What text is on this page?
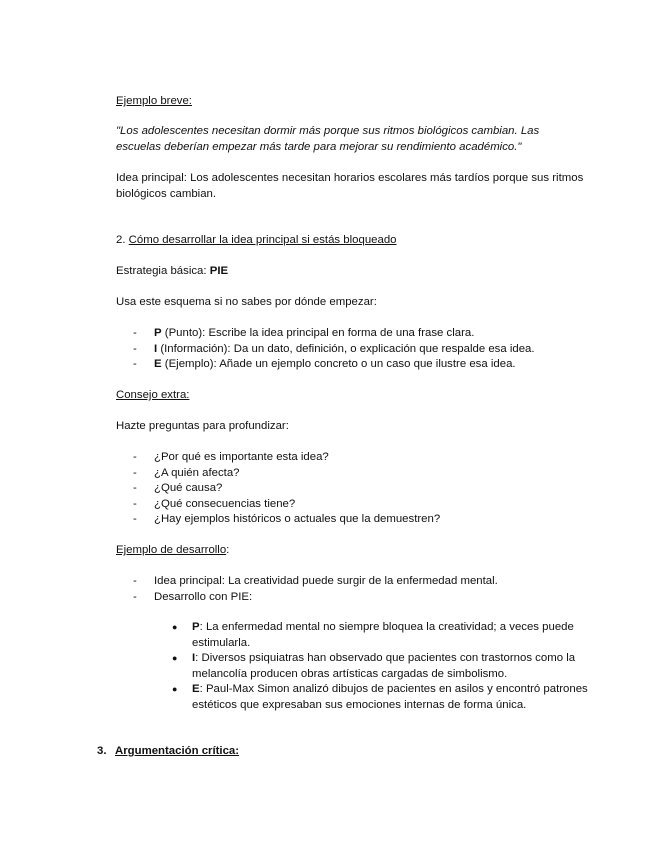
Ejemplo breve:

"Los adolescentes necesitan dormir más porque sus ritmos biológicos cambian. Las escuelas deberían empezar más tarde para mejorar su rendimiento académico."

Idea principal: Los adolescentes necesitan horarios escolares más tardíos porque sus ritmos biológicos cambian.

2. Cómo desarrollar la idea principal si estás bloqueado

Estrategia básica: PIE

Usa este esquema si no sabes por dónde empezar:

- P (Punto): Escribe la idea principal en forma de una frase clara.
- I (Información): Da un dato, definición, o explicación que respalde esa idea.
- E (Ejemplo): Añade un ejemplo concreto o un caso que ilustre esa idea.

Consejo extra:

Hazte preguntas para profundizar:

- ¿Por qué es importante esta idea?
- ¿A quién afecta?
- ¿Qué causa?
- ¿Qué consecuencias tiene?
- ¿Hay ejemplos históricos o actuales que la demuestren?

Ejemplo de desarrollo:

- Idea principal: La creatividad puede surgir de la enfermedad mental.
- Desarrollo con PIE:
● P: La enfermedad mental no siempre bloquea la creatividad; a veces puede estimularla.
● I: Diversos psiquiatras han observado que pacientes con trastornos como la melancolía producen obras artísticas cargadas de simbolismo.
● E: Paul-Max Simon analizó dibujos de pacientes en asilos y encontró patrones estéticos que expresaban sus emociones internas de forma única.
3. Argumentación crítica:
